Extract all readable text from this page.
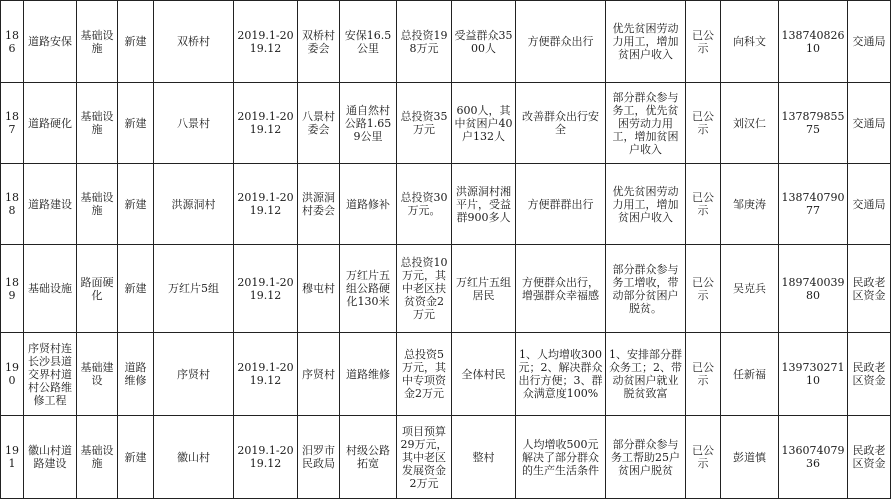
186	道路安保	基础设施	新建	双桥村	2019.1-2019.12	双桥村委会	安保16.5公里	总投资198万元	受益群众3500人	方便群众出行	优先贫困劳动力用工，增加贫困户收入	已公示	向科文	13874082610	交通局
187	道路硬化	基础设施	新建	八景村	2019.1-2019.12	八景村委会	通自然村公路1.659公里	总投资35万元	600人，其中贫困户40户132人	改善群众出行安全	部分群众参与务工，优先贫困劳动力用工，增加贫困户收入	已公示	刘汉仁	13787985575	交通局
188	道路建设	基础设施	新建	洪源洞村	2019.1-2019.12	洪源洞村委会	道路修补	总投资30万元。	洪源洞村湘平片，受益群900多人	方便群群出行	优先贫困劳动力用工，增加贫困户收入	已公示	邹庚涛	13874079077	交通局
189	基础设施	路面硬化	新建	万红片5组	2019.1-2019.12	穆屯村	万红片五组公路硬化130米	总投资10万元，其中老区扶贫资金2万元	万红片五组居民	方便群众出行，增强群众幸福感	部分群众参与务工增收，带动部分贫困户脱贫。	已公示	吴克兵	18974003980	民政老区资金
190	序贤村连长沙县道交界村道村公路维修工程	基础建设	道路维修	序贤村	2019.1-2019.12	序贤村	道路维修	总投资5万元，其中专项资金2万元	全体村民	1、人均增收300元；2、解决群众出行方便；3、群众满意度100%	1、安排部分群众务工；2、带动贫困户就业脱贫致富	已公示	任新福	13973027110	民政老区资金
191	徽山村道路建设	基础设施	新建	徽山村	2019.1-2019.12	汨罗市民政局	村级公路拓宽	项目预算29万元，其中老区发展资金2万元	整村	人均增收500元解决了部分群众的生产生活条件	部分群众参与务工帮助25户贫困户脱贫	已公示	彭道慎	13607407936	民政老区资金
